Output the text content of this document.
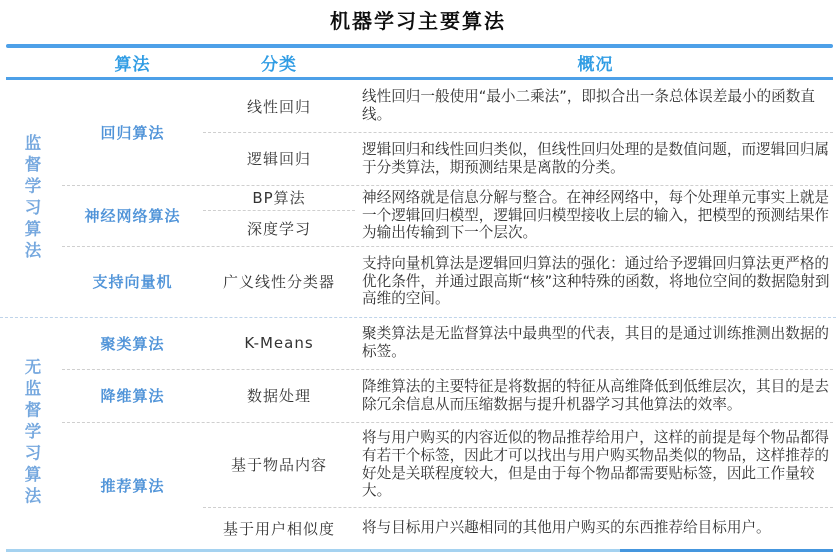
机器学习主要算法
算法	分类	概况
监督学习算法
无监督学习算法
回归算法
神经网络算法
支持向量机
聚类算法
降维算法
推荐算法
线性回归
逻辑回归
BP算法
深度学习
广义线性分类器
K-Means
数据处理
基于物品内容
基于用户相似度
线性回归一般使用“最小二乘法”，即拟合出一条总体误差最小的函数直线。
逻辑回归和线性回归类似，但线性回归处理的是数值问题，而逻辑回归属于分类算法，期预测结果是离散的分类。
神经网络就是信息分解与整合。在神经网络中，每个处理单元事实上就是一个逻辑回归模型，逻辑回归模型接收上层的输入，把模型的预测结果作为输出传输到下一个层次。
支持向量机算法是逻辑回归算法的强化：通过给予逻辑回归算法更严格的优化条件，并通过跟高斯“核”这种特殊的函数，将地位空间的数据隐射到高维的空间。
聚类算法是无监督算法中最典型的代表，其目的是通过训练推测出数据的标签。
降维算法的主要特征是将数据的特征从高维降低到低维层次，其目的是去除冗余信息从而压缩数据与提升机器学习其他算法的效率。
将与用户购买的内容近似的物品推荐给用户，这样的前提是每个物品都得有若干个标签，因此才可以找出与用户购买物品类似的物品，这样推荐的好处是关联程度较大，但是由于每个物品都需要贴标签，因此工作量较大。
将与目标用户兴趣相同的其他用户购买的东西推荐给目标用户。
